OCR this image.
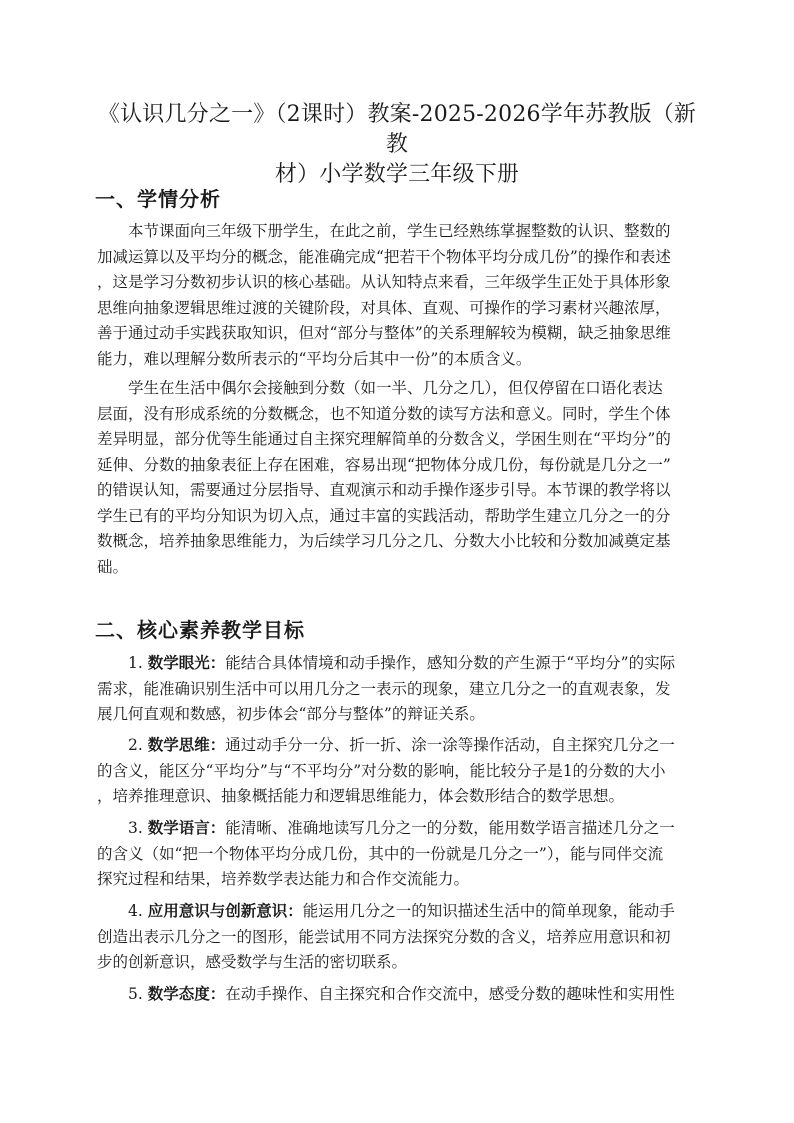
《认识几分之一》（2课时）教案-2025-2026学年苏教版（新教
材）小学数学三年级下册
一、学情分析

本节课面向三年级下册学生，在此之前，学生已经熟练掌握整数的认识、整数的
加减运算以及平均分的概念，能准确完成“把若干个物体平均分成几份”的操作和表述
，这是学习分数初步认识的核心基础。从认知特点来看，三年级学生正处于具体形象
思维向抽象逻辑思维过渡的关键阶段，对具体、直观、可操作的学习素材兴趣浓厚，
善于通过动手实践获取知识，但对“部分与整体”的关系理解较为模糊，缺乏抽象思维
能力，难以理解分数所表示的“平均分后其中一份”的本质含义。

学生在生活中偶尔会接触到分数（如一半、几分之几），但仅停留在口语化表达
层面，没有形成系统的分数概念，也不知道分数的读写方法和意义。同时，学生个体
差异明显，部分优等生能通过自主探究理解简单的分数含义，学困生则在“平均分”的
延伸、分数的抽象表征上存在困难，容易出现“把物体分成几份，每份就是几分之一”
的错误认知，需要通过分层指导、直观演示和动手操作逐步引导。本节课的教学将以
学生已有的平均分知识为切入点，通过丰富的实践活动，帮助学生建立几分之一的分
数概念，培养抽象思维能力，为后续学习几分之几、分数大小比较和分数加减奠定基
础。

二、核心素养教学目标

1. 数学眼光：能结合具体情境和动手操作，感知分数的产生源于“平均分”的实际
需求，能准确识别生活中可以用几分之一表示的现象，建立几分之一的直观表象，发
展几何直观和数感，初步体会“部分与整体”的辩证关系。

2. 数学思维：通过动手分一分、折一折、涂一涂等操作活动，自主探究几分之一
的含义，能区分“平均分”与“不平均分”对分数的影响，能比较分子是1的分数的大小
，培养推理意识、抽象概括能力和逻辑思维能力，体会数形结合的数学思想。

3. 数学语言：能清晰、准确地读写几分之一的分数，能用数学语言描述几分之一
的含义（如“把一个物体平均分成几份，其中的一份就是几分之一”），能与同伴交流
探究过程和结果，培养数学表达能力和合作交流能力。

4. 应用意识与创新意识：能运用几分之一的知识描述生活中的简单现象，能动手
创造出表示几分之一的图形，能尝试用不同方法探究分数的含义，培养应用意识和初
步的创新意识，感受数学与生活的密切联系。

5. 数学态度：在动手操作、自主探究和合作交流中，感受分数的趣味性和实用性
